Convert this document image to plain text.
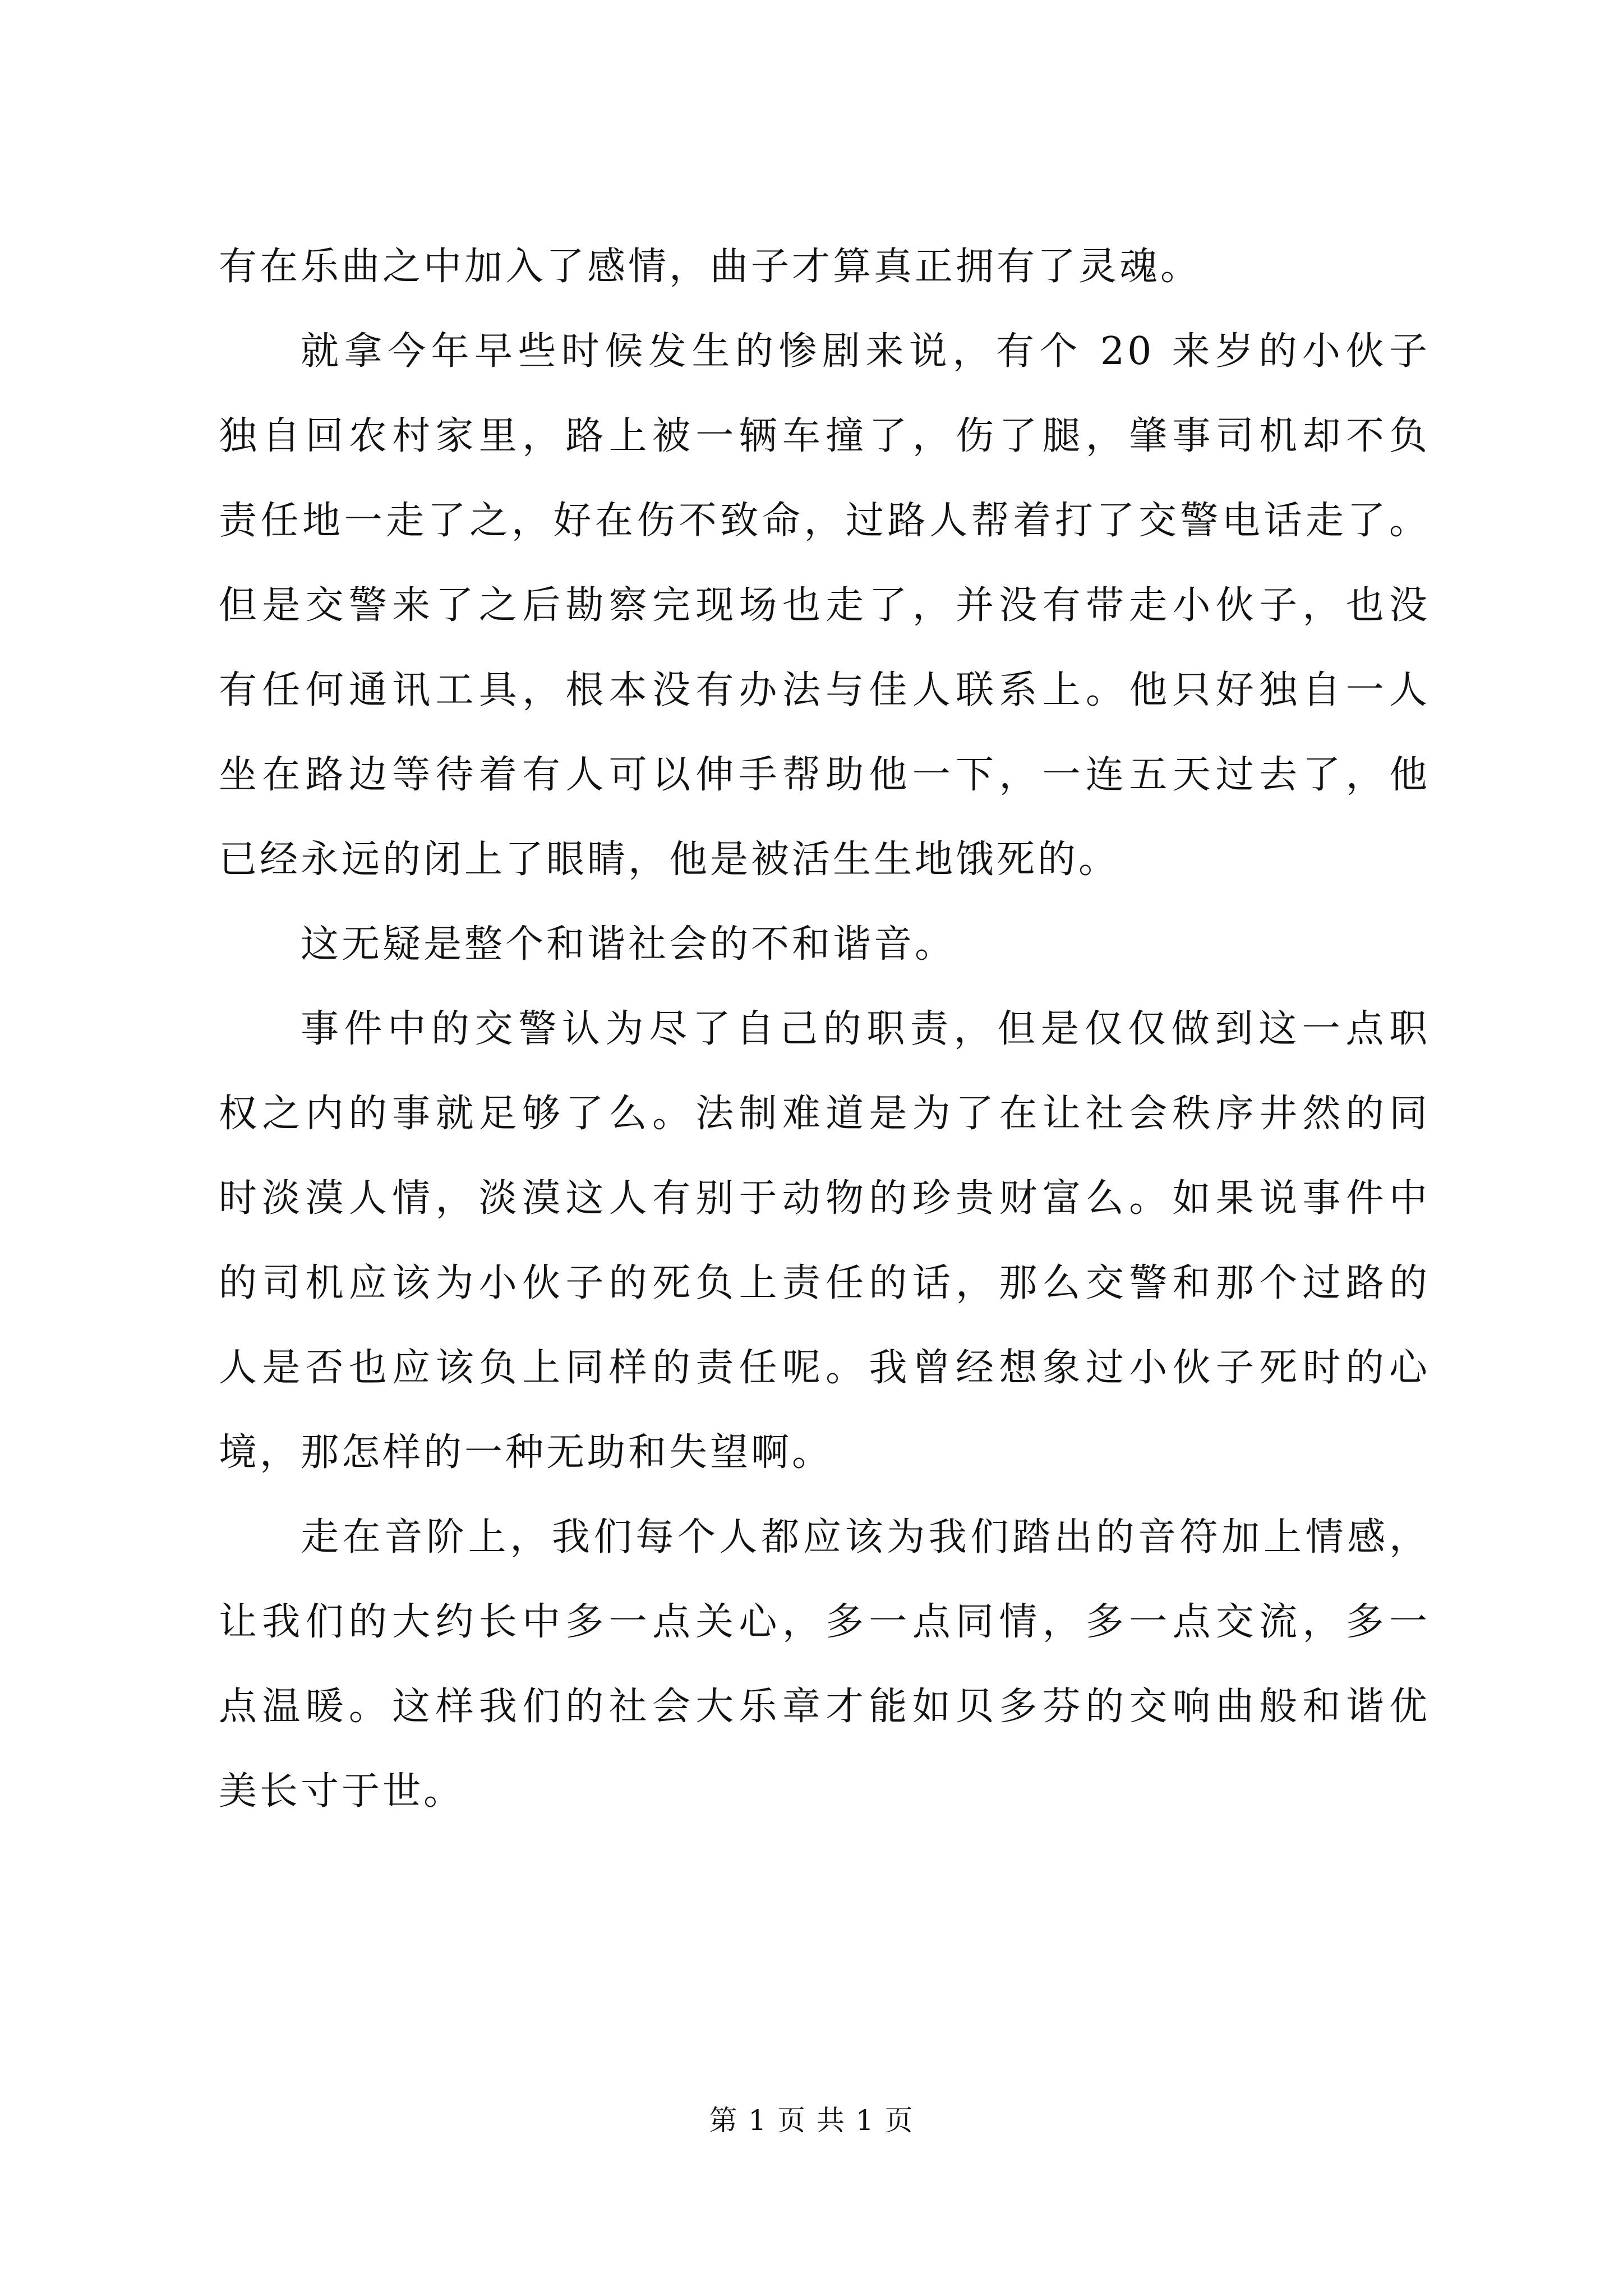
有在乐曲之中加入了感情，曲子才算真正拥有了灵魂。
就拿今年早些时候发生的惨剧来说，有个 20 来岁的小伙子
独自回农村家里，路上被一辆车撞了，伤了腿，肇事司机却不负
责任地一走了之，好在伤不致命，过路人帮着打了交警电话走了。
但是交警来了之后勘察完现场也走了，并没有带走小伙子，也没
有任何通讯工具，根本没有办法与佳人联系上。他只好独自一人
坐在路边等待着有人可以伸手帮助他一下，一连五天过去了，他
已经永远的闭上了眼睛，他是被活生生地饿死的。
这无疑是整个和谐社会的不和谐音。
事件中的交警认为尽了自己的职责，但是仅仅做到这一点职
权之内的事就足够了么。法制难道是为了在让社会秩序井然的同
时淡漠人情，淡漠这人有别于动物的珍贵财富么。如果说事件中
的司机应该为小伙子的死负上责任的话，那么交警和那个过路的
人是否也应该负上同样的责任呢。我曾经想象过小伙子死时的心
境，那怎样的一种无助和失望啊。
走在音阶上，我们每个人都应该为我们踏出的音符加上情感，
让我们的大约长中多一点关心，多一点同情，多一点交流，多一
点温暖。这样我们的社会大乐章才能如贝多芬的交响曲般和谐优
美长寸于世。
第 1 页 共 1 页
